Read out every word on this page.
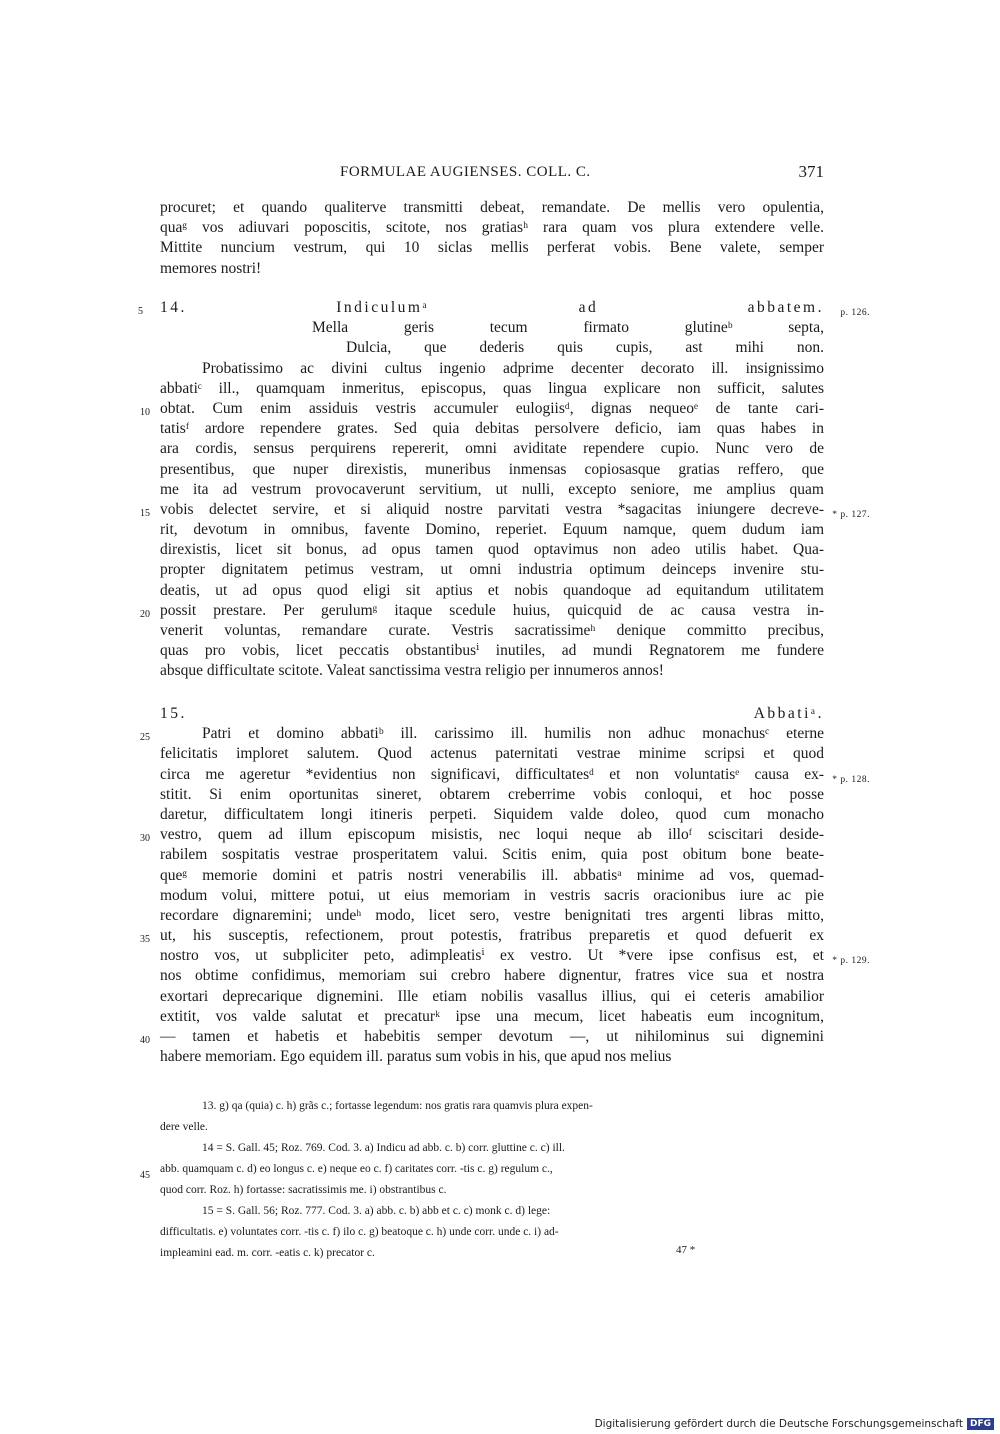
FORMULAE AUGIENSES. COLL. C.	371
procuret; et quando qualiterve transmitti debeat, remandate. De mellis vero opulentia,
quaᵍ vos adiuvari poposcitis, scitote, nos gratiasʰ rara quam vos plura extendere velle.
Mittite nuncium vestrum, qui 10 siclas mellis perferat vobis. Bene valete, semper
memores nostri!
5 14. Indiculumᵃ ad abbatem. p. 126.
Mella geris tecum firmato glutineᵇ septa,
Dulcia, que dederis quis cupis, ast mihi non.
Probatissimo ac divini cultus ingenio adprime decenter decorato ill. insignissimo
abbatiᶜ ill., quamquam inmeritus, episcopus, quas lingua explicare non sufficit, salutes
obtat. Cum enim assiduis vestris accumuler eulogiisᵈ, dignas nequeoᵉ de tante cari-
10
tatisᶠ ardore rependere grates. Sed quia debitas persolvere deficio, iam quas habes in
ara cordis, sensus perquirens repererit, omni aviditate rependere cupio. Nunc vero de
presentibus, que nuper direxistis, muneribus inmensas copiosasque gratias reffero, que
me ita ad vestrum provocaverunt servitium, ut nulli, excepto seniore, me amplius quam
vobis delectet servire, et si aliquid nostre parvitati vestra *sagacitas iniungere decreve-
15	* p. 127.
rit, devotum in omnibus, favente Domino, reperiet. Equum namque, quem dudum iam
direxistis, licet sit bonus, ad opus tamen quod optavimus non adeo utilis habet. Qua-
propter dignitatem petimus vestram, ut omni industria optimum deinceps invenire stu-
deatis, ut ad opus quod eligi sit aptius et nobis quandoque ad equitandum utilitatem
possit prestare. Per gerulumᵍ itaque scedule huius, quicquid de ac causa vestra in-
20
venerit voluntas, remandare curate. Vestris sacratissimeʰ denique committo precibus,
quas pro vobis, licet peccatis obstantibusⁱ inutiles, ad mundi Regnatorem me fundere
absque difficultate scitote. Valeat sanctissima vestra religio per innumeros annos!
15. Abbatiᵃ.
Patri et domino abbatiᵇ ill. carissimo ill. humilis non adhuc monachusᶜ eterne
25
felicitatis imploret salutem. Quod actenus paternitati vestrae minime scripsi et quod
circa me ageretur *evidentius non significavi, difficultatesᵈ et non voluntatisᵉ causa ex- * p. 128.
stitit. Si enim oportunitas sineret, obtarem creberrime vobis conloqui, et hoc posse
daretur, difficultatem longi itineris perpeti. Siquidem valde doleo, quod cum monacho
vestro, quem ad illum episcopum misistis, nec loqui neque ab illoᶠ sciscitari deside-
30
rabilem sospitatis vestrae prosperitatem valui. Scitis enim, quia post obitum bone beate-
queᵍ memorie domini et patris nostri venerabilis ill. abbatisᵃ minime ad vos, quemad-
modum volui, mittere potui, ut eius memoriam in vestris sacris oracionibus iure ac pie
recordare dignaremini; undeʰ modo, licet sero, vestre benignitati tres argenti libras mitto,
ut, his susceptis, refectionem, prout potestis, fratribus preparetis et quod defuerit ex
35
nostro vos, ut subpliciter peto, adimpleatisⁱ ex vestro. Ut *vere ipse confisus est, et * p. 129.
nos obtime confidimus, memoriam sui crebro habere dignentur, fratres vice sua et nostra
exortari deprecarique dignemini. Ille etiam nobilis vasallus illius, qui ei ceteris amabilior
extitit, vos valde salutat et precaturᵏ ipse una mecum, licet habeatis eum incognitum,
— tamen et habetis et habebitis semper devotum —, ut nihilominus sui dignemini
40
habere memoriam. Ego equidem ill. paratus sum vobis in his, que apud nos melius
13. g) qa (quia) c. h) grãs c.; fortasse legendum: nos gratis rara quamvis plura expen-
dere velle.
14 = S. Gall. 45; Roz. 769. Cod. 3. a) Indicu ad abb. c. b) corr. gluttine c. c) ill.
abb. quamquam c. d) eo longus c. e) neque eo c. f) caritates corr. -tis c. g) regulum c.,
45
quod corr. Roz. h) fortasse: sacratissimis me. i) obstrantibus c.
15 = S. Gall. 56; Roz. 777. Cod. 3. a) abb. c. b) abb et c. c) monk c. d) lege:
difficultatis. e) voluntates corr. -tis c. f) ilo c. g) beatoque c. h) unde corr. unde c. i) ad-
impleamini ead. m. corr. -eatis c. k) precator c.	47 *
Digitalisierung gefördert durch die Deutsche Forschungsgemeinschaft DFG
